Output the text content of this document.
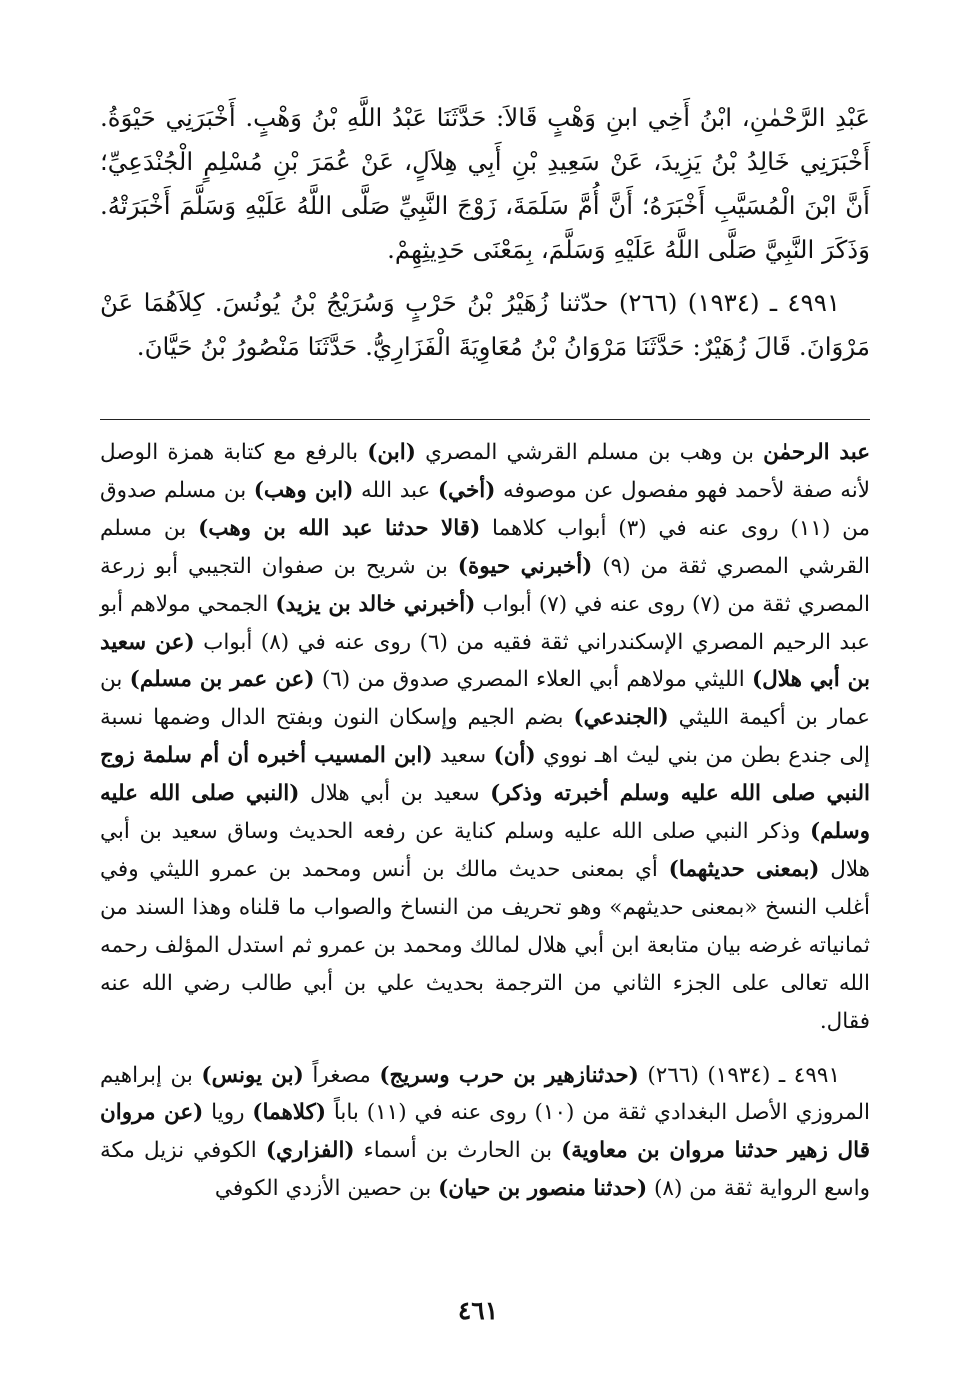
عَبْدِ الرَّحْمٰنِ، ابْنُ أَخِي ابنِ وَهْبٍ قَالاَ: حَدَّثَنَا عَبْدُ اللَّهِ بْنُ وَهْبٍ. أَخْبَرَنِي حَيْوَةُ. أَخْبَرَنِي خَالِدُ بْنُ يَزِيدَ، عَنْ سَعِيدِ بْنِ أَبِي هِلاَلٍ، عَنْ عُمَرَ بْنِ مُسْلِمٍ الْجُنْدَعِيِّ؛ أَنَّ ابْنَ الْمُسَيَّبِ أَخْبَرَهُ؛ أَنَّ أُمَّ سَلَمَةَ، زَوْجَ النَّبِيِّ صَلَّى اللَّهُ عَلَيْهِ وَسَلَّمَ أَخْبَرَتْهُ. وَذَكَرَ النَّبِيَّ صَلَّى اللَّهُ عَلَيْهِ وَسَلَّمَ، بِمَعْنَى حَدِيثِهِمْ.

٤٩٩١ ـ (١٩٣٤) (٢٦٦) حدّثنا زُهَيْرُ بْنُ حَرْبٍ وَسُرَيْجُ بْنُ يُونُسَ. كِلاَهُمَا عَنْ مَرْوَانَ. قَالَ زُهَيْرٌ: حَدَّثَنَا مَرْوَانُ بْنُ مُعَاوِيَةَ الْفَزَارِيُّ. حَدَّثَنَا مَنْصُورُ بْنُ حَيَّانَ.

عبد الرحمٰن بن وهب بن مسلم القرشي المصري (ابن) بالرفع مع كتابة همزة الوصل لأنه صفة لأحمد فهو مفصول عن موصوفه (أخي) عبد الله (ابن وهب) بن مسلم صدوق من (١١) روى عنه في (٣) أبواب كلاهما (قالا حدثنا عبد الله بن وهب) بن مسلم القرشي المصري ثقة من (٩) (أخبرني حيوة) بن شريح بن صفوان التجيبي أبو زرعة المصري ثقة من (٧) روى عنه في (٧) أبواب (أخبرني خالد بن يزيد) الجمحي مولاهم أبو عبد الرحيم المصري الإسكندراني ثقة فقيه من (٦) روى عنه في (٨) أبواب (عن سعيد بن أبي هلال) الليثي مولاهم أبي العلاء المصري صدوق من (٦) (عن عمر بن مسلم) بن عمار بن أكيمة الليثي (الجندعي) بضم الجيم وإسكان النون وبفتح الدال وضمها نسبة إلى جندع بطن من بني ليث اهـ نووي (أن) سعيد (ابن المسيب أخبره أن أم سلمة زوج النبي صلى الله عليه وسلم أخبرته وذكر) سعيد بن أبي هلال (النبي صلى الله عليه وسلم) وذكر النبي صلى الله عليه وسلم كناية عن رفعه الحديث وساق سعيد بن أبي هلال (بمعنى حديثهما) أي بمعنى حديث مالك بن أنس ومحمد بن عمرو الليثي وفي أغلب النسخ «بمعنى حديثهم» وهو تحريف من النساخ والصواب ما قلناه وهذا السند من ثمانياته غرضه بيان متابعة ابن أبي هلال لمالك ومحمد بن عمرو ثم استدل المؤلف رحمه الله تعالى على الجزء الثاني من الترجمة بحديث علي بن أبي طالب رضي الله عنه فقال.

٤٩٩١ ـ (١٩٣٤) (٢٦٦) (حدثنازهير بن حرب وسريج) مصغراً (بن يونس) بن إبراهيم المروزي الأصل البغدادي ثقة من (١٠) روى عنه في (١١) باباً (كلاهما) رويا (عن مروان قال زهير حدثنا مروان بن معاوية) بن الحارث بن أسماء (الفزاري) الكوفي نزيل مكة واسع الرواية ثقة من (٨) (حدثنا منصور بن حيان) بن حصين الأزدي الكوفي

٤٦١
